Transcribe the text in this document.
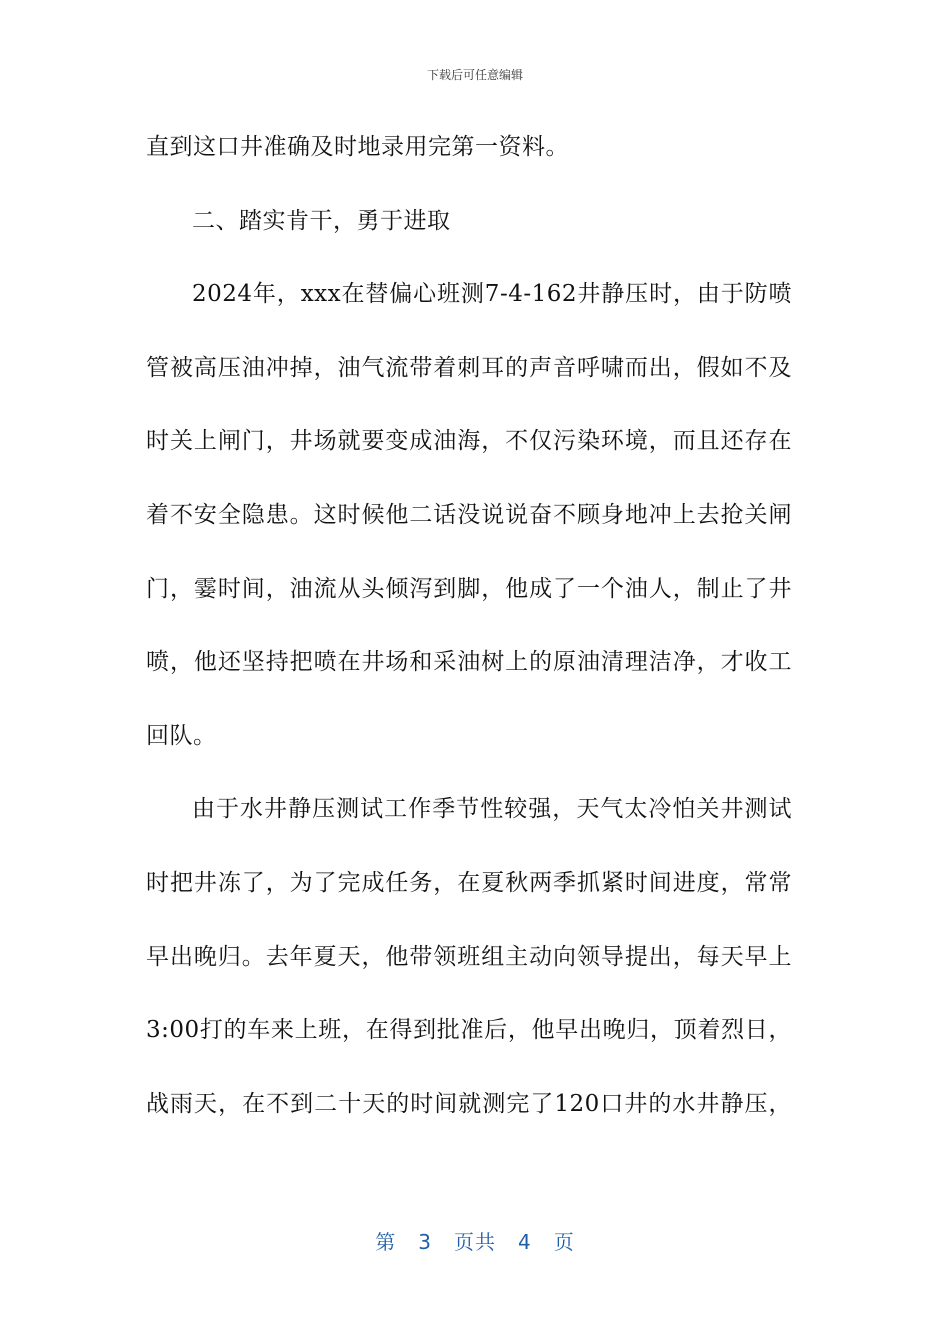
下载后可任意编辑
直到这口井准确及时地录用完第一资料。
二、踏实肯干，勇于进取
2024年，xxx在替偏心班测7-4-162井静压时，由于防喷
管被高压油冲掉，油气流带着刺耳的声音呼啸而出，假如不及
时关上闸门，井场就要变成油海，不仅污染环境，而且还存在
着不安全隐患。这时候他二话没说说奋不顾身地冲上去抢关闸
门，霎时间，油流从头倾泻到脚，他成了一个油人，制止了井
喷，他还坚持把喷在井场和采油树上的原油清理洁净，才收工
回队。
由于水井静压测试工作季节性较强，天气太冷怕关井测试
时把井冻了，为了完成任务，在夏秋两季抓紧时间进度，常常
早出晚归。去年夏天，他带领班组主动向领导提出，每天早上
3:00打的车来上班，在得到批准后，他早出晚归，顶着烈日，
战雨天，在不到二十天的时间就测完了120口井的水井静压，
第 3 页共 4 页
